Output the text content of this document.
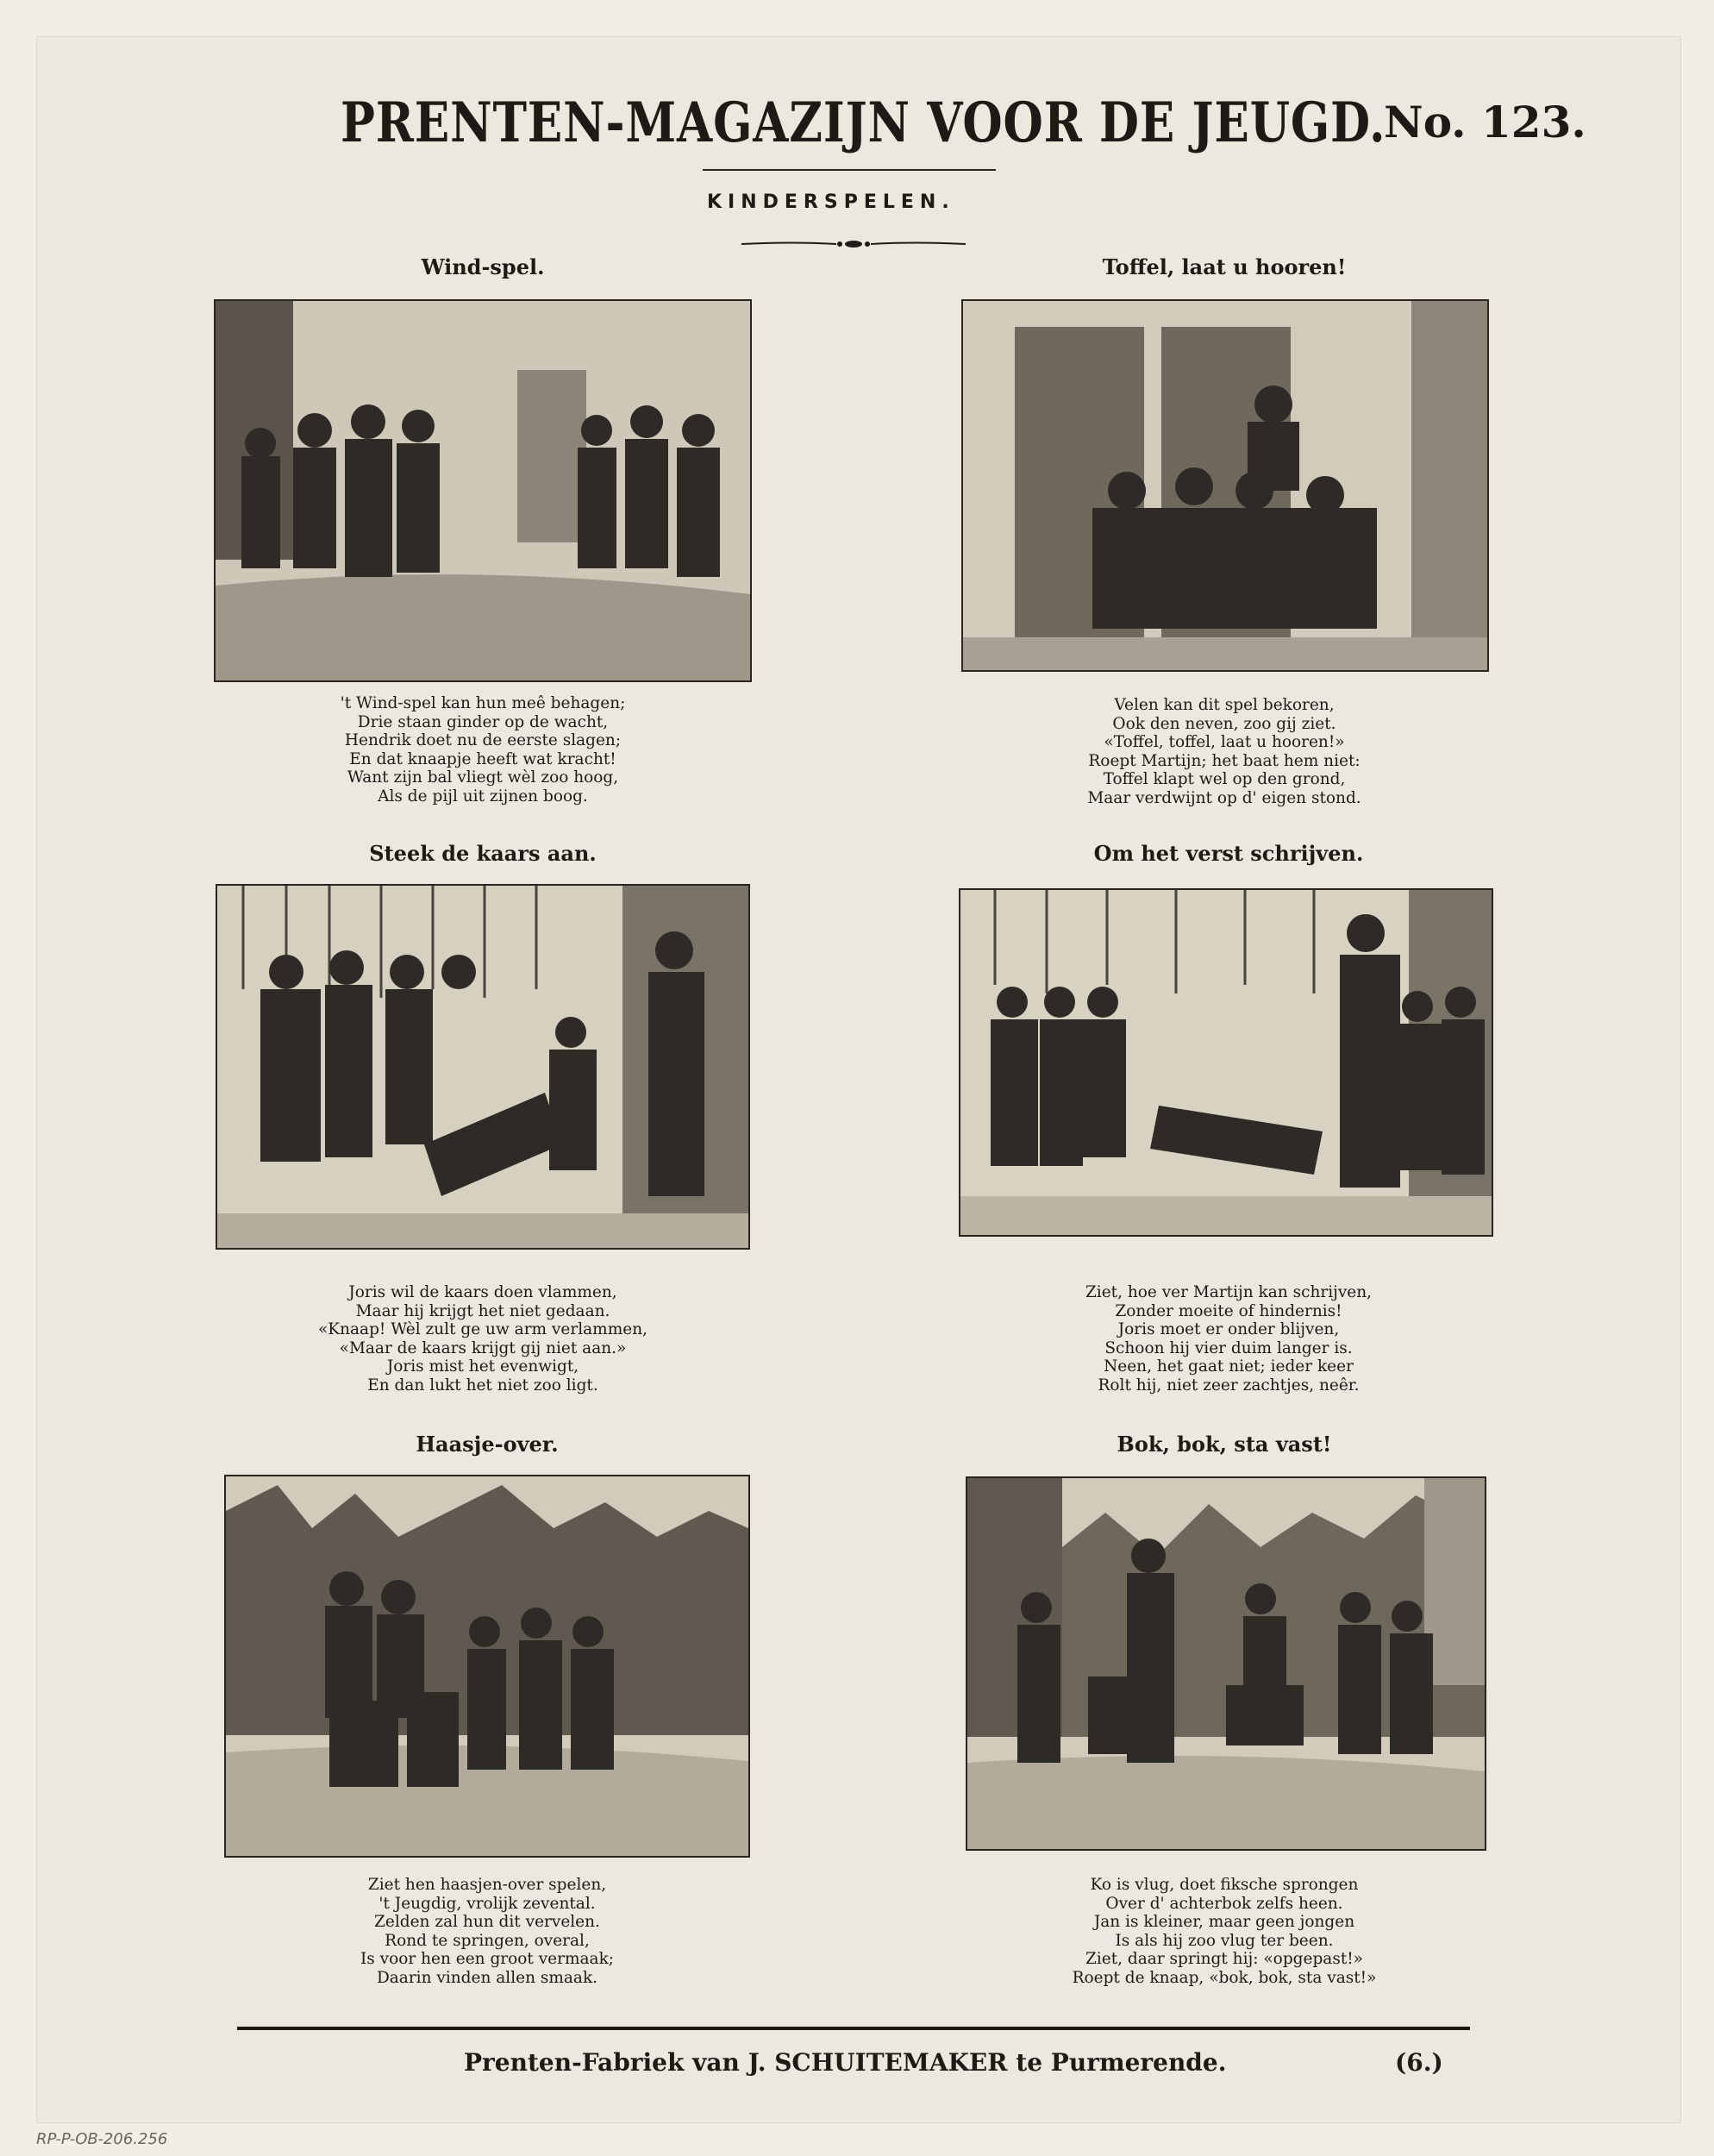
PRENTEN-MAGAZIJN VOOR DE JEUGD.
No. 123.
KINDERSPELEN.
Wind-spel.
't Wind-spel kan hun meê behagen;
Drie staan ginder op de wacht,
Hendrik doet nu de eerste slagen;
En dat knaapje heeft wat kracht!
Want zijn bal vliegt wèl zoo hoog,
Als de pijl uit zijnen boog.
Toffel, laat u hooren!
Velen kan dit spel bekoren,
Ook den neven, zoo gij ziet.
«Toffel, toffel, laat u hooren!»
Roept Martijn; het baat hem niet:
Toffel klapt wel op den grond,
Maar verdwijnt op d' eigen stond.
Steek de kaars aan.
Joris wil de kaars doen vlammen,
Maar hij krijgt het niet gedaan.
«Knaap! Wèl zult ge uw arm verlammen,
«Maar de kaars krijgt gij niet aan.»
Joris mist het evenwigt,
En dan lukt het niet zoo ligt.
Om het verst schrijven.
Ziet, hoe ver Martijn kan schrijven,
Zonder moeite of hindernis!
Joris moet er onder blijven,
Schoon hij vier duim langer is.
Neen, het gaat niet; ieder keer
Rolt hij, niet zeer zachtjes, neêr.
Haasje-over.
Ziet hen haasjen-over spelen,
't Jeugdig, vrolijk zevental.
Zelden zal hun dit vervelen.
Rond te springen, overal,
Is voor hen een groot vermaak;
Daarin vinden allen smaak.
Bok, bok, sta vast!
Ko is vlug, doet fiksche sprongen
Over d' achterbok zelfs heen.
Jan is kleiner, maar geen jongen
Is als hij zoo vlug ter been.
Ziet, daar springt hij: «opgepast!»
Roept de knaap, «bok, bok, sta vast!»
Prenten-Fabriek van J. SCHUITEMAKER te Purmerende.	(6.)
RP-P-OB-206.256
